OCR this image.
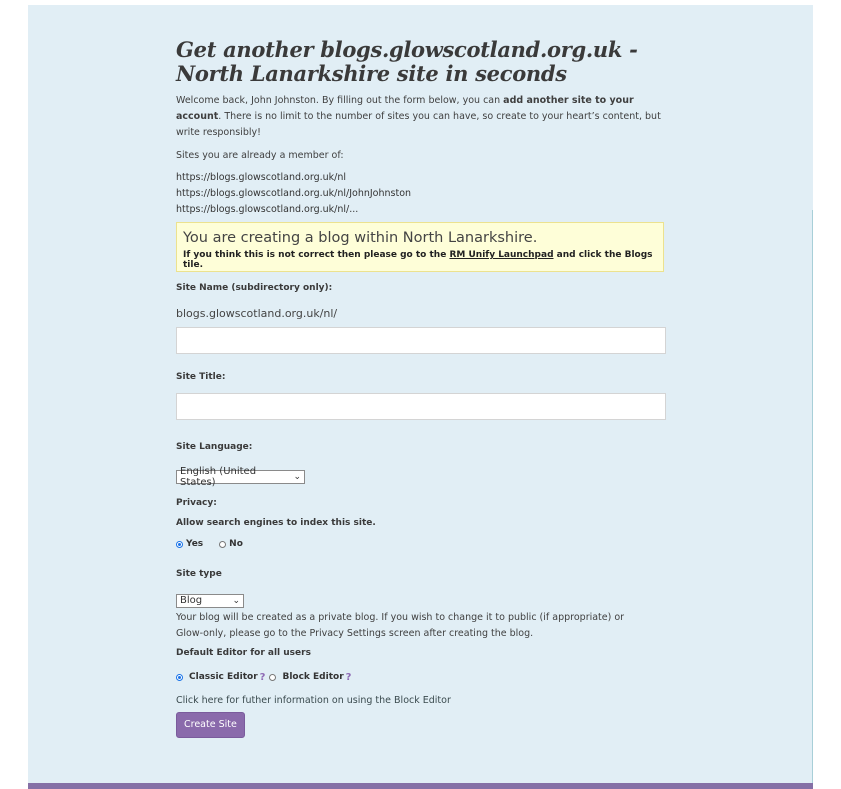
Get another blogs.glowscotland.org.uk - North Lanarkshire site in seconds

Welcome back, John Johnston. By filling out the form below, you can add another site to your account. There is no limit to the number of sites you can have, so create to your heart’s content, but write responsibly!

Sites you are already a member of:

https://blogs.glowscotland.org.uk/nl
https://blogs.glowscotland.org.uk/nl/JohnJohnston
https://blogs.glowscotland.org.uk/nl/...
You are creating a blog within North Lanarkshire.
If you think this is not correct then please go to the RM Unify Launchpad and click the Blogs tile.
Site Name (subdirectory only):
blogs.glowscotland.org.uk/nl/
Site Title:
Site Language:
English (United States)	⌄
Privacy:
Allow search engines to index this site.
Yes	No
Site type
Blog	⌄

Your blog will be created as a private blog. If you wish to change it to public (if appropriate) or Glow-only, please go to the Privacy Settings screen after creating the blog.

Default Editor for all users
Classic Editor ? Block Editor ?
Click here for futher information on using the Block Editor
Create Site
